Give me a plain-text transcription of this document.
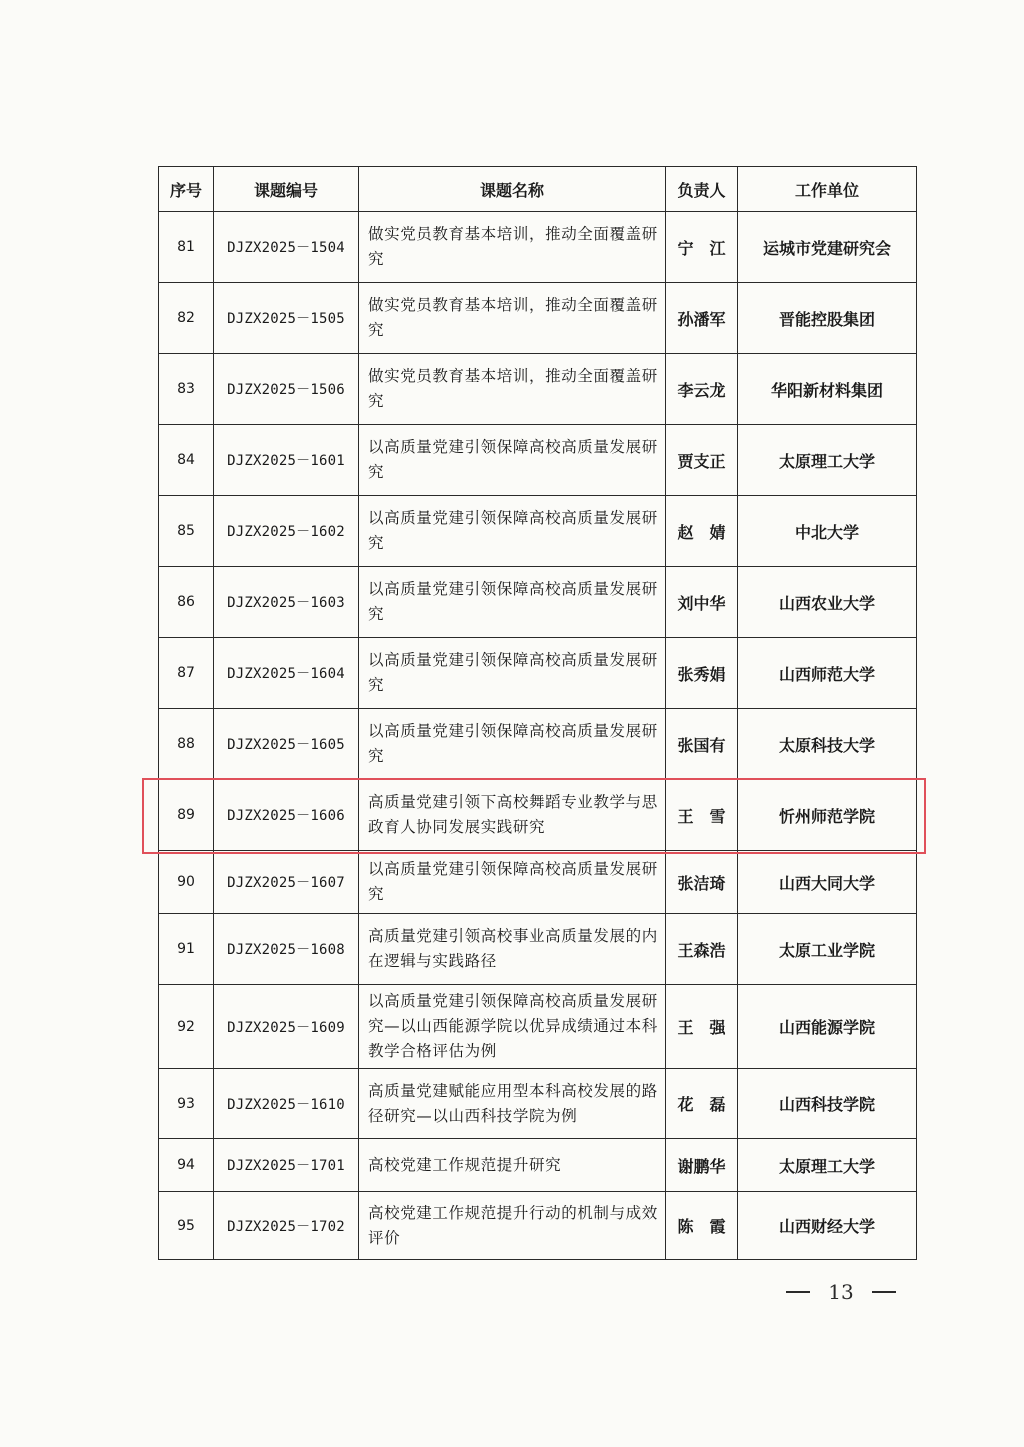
序号	课题编号	课题名称	负责人	工作单位
81	DJZX2025－1504	做实党员教育基本培训，推动全面覆盖研究	宁　江	运城市党建研究会
82	DJZX2025－1505	做实党员教育基本培训，推动全面覆盖研究	孙潘军	晋能控股集团
83	DJZX2025－1506	做实党员教育基本培训，推动全面覆盖研究	李云龙	华阳新材料集团
84	DJZX2025－1601	以高质量党建引领保障高校高质量发展研究	贾支正	太原理工大学
85	DJZX2025－1602	以高质量党建引领保障高校高质量发展研究	赵　婧	中北大学
86	DJZX2025－1603	以高质量党建引领保障高校高质量发展研究	刘中华	山西农业大学
87	DJZX2025－1604	以高质量党建引领保障高校高质量发展研究	张秀娟	山西师范大学
88	DJZX2025－1605	以高质量党建引领保障高校高质量发展研究	张国有	太原科技大学
89	DJZX2025－1606	高质量党建引领下高校舞蹈专业教学与思政育人协同发展实践研究	王　雪	忻州师范学院
90	DJZX2025－1607	以高质量党建引领保障高校高质量发展研究	张洁琦	山西大同大学
91	DJZX2025－1608	高质量党建引领高校事业高质量发展的内在逻辑与实践路径	王森浩	太原工业学院
92	DJZX2025－1609	以高质量党建引领保障高校高质量发展研究—以山西能源学院以优异成绩通过本科教学合格评估为例	王　强	山西能源学院
93	DJZX2025－1610	高质量党建赋能应用型本科高校发展的路径研究—以山西科技学院为例	花　磊	山西科技学院
94	DJZX2025－1701	高校党建工作规范提升研究	谢鹏华	太原理工大学
95	DJZX2025－1702	高校党建工作规范提升行动的机制与成效评价	陈　霞	山西财经大学
13
